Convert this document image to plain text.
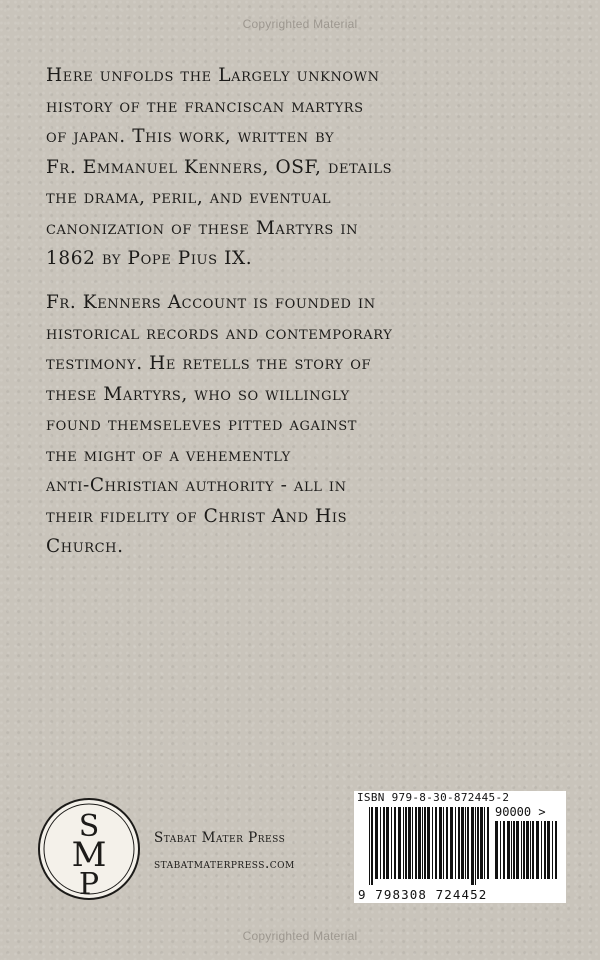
Copyrighted Material
Here unfolds the Largely unknown
history of the franciscan martyrs
of japan. This work, written by
Fr. Emmanuel Kenners, OSF, details
the drama, peril, and eventual
canonization of these Martyrs in
1862 by Pope Pius IX.
Fr. Kenners Account is founded in
historical records and contemporary
testimony. He retells the story of
these Martyrs, who so willingly
found themseleves pitted against
the might of a vehemently
anti-Christian authority - all in
their fidelity of Christ And His
Church.
S
M
P
Stabat Mater Press
stabatmaterpress.com
ISBN 979-8-30-872445-2
90000 >
9 798308 724452
Copyrighted Material
